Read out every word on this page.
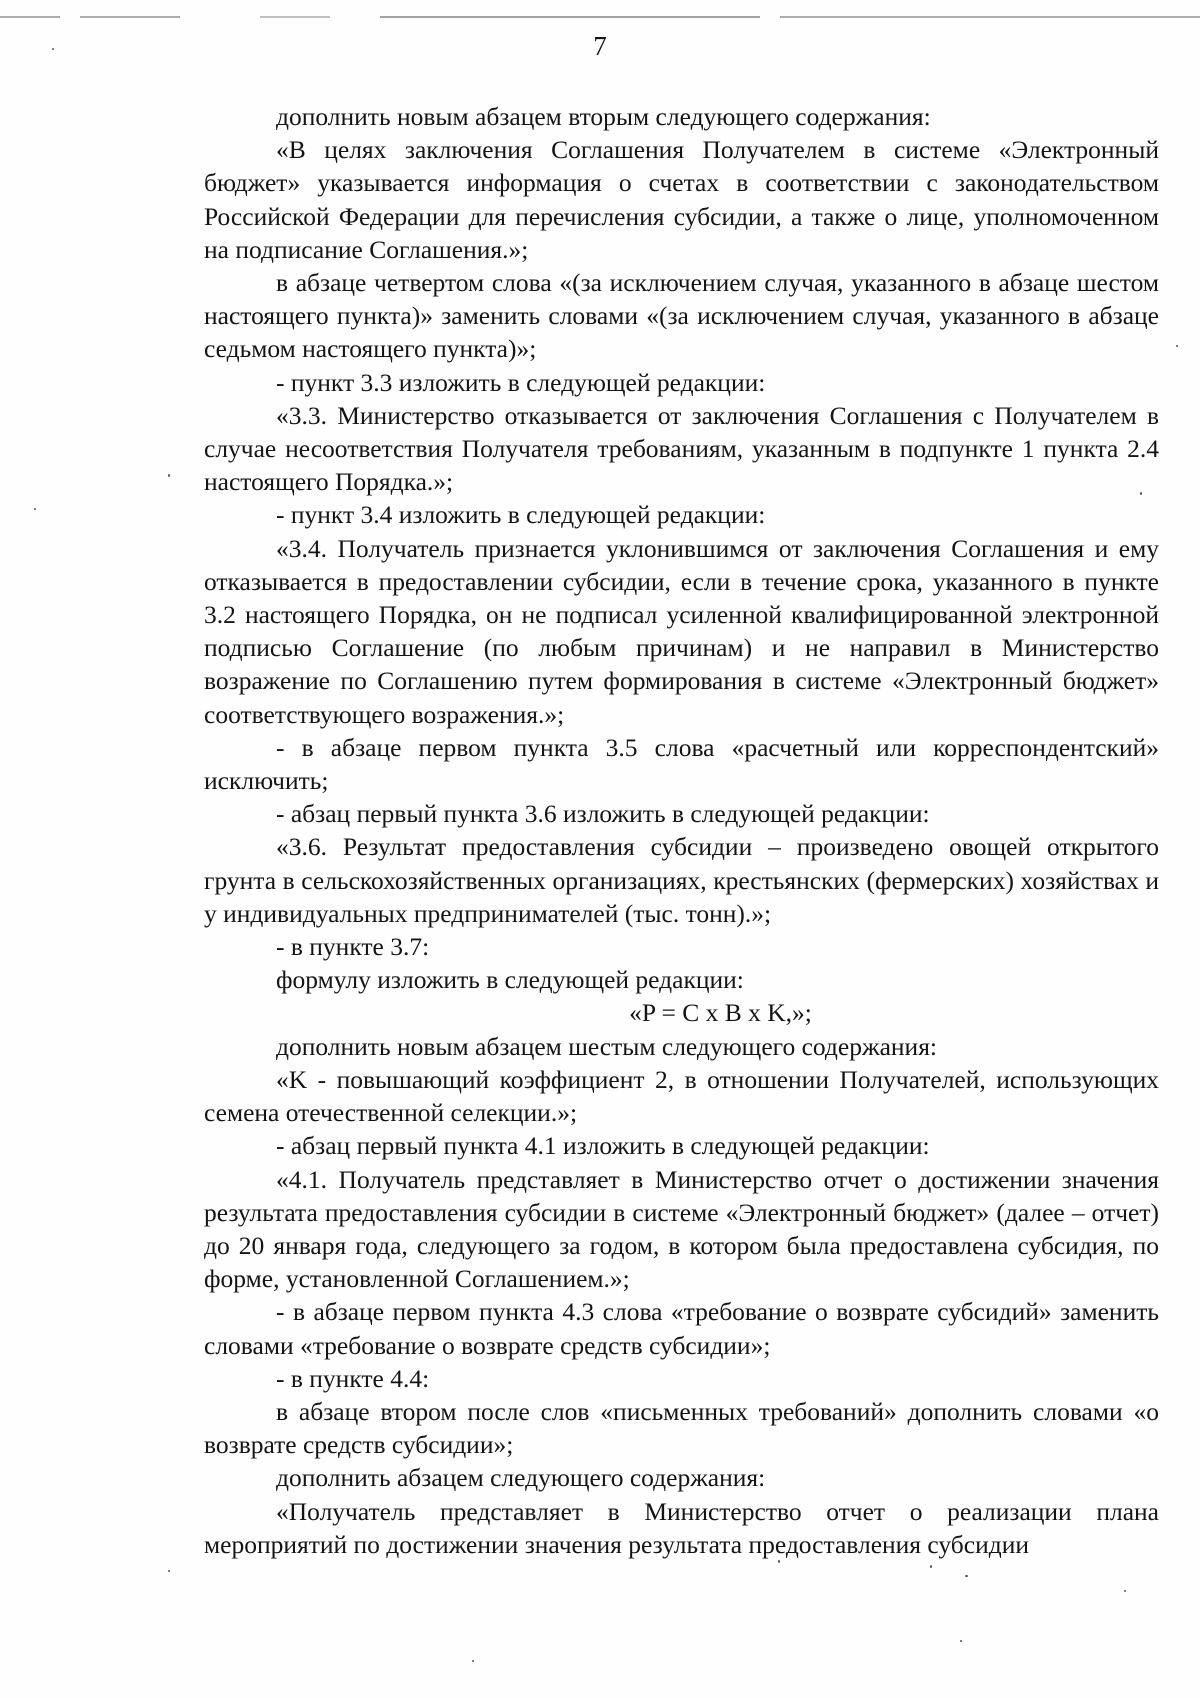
7

дополнить новым абзацем вторым следующего содержания:

«В целях заключения Соглашения Получателем в системе «Электронный бюджет» указывается информация о счетах в соответствии с законодательством Российской Федерации для перечисления субсидии, а также о лице, уполномоченном на подписание Соглашения.»;

в абзаце четвертом слова «(за исключением случая, указанного в абзаце шестом настоящего пункта)» заменить словами «(за исключением случая, указанного в абзаце седьмом настоящего пункта)»;

- пункт 3.3 изложить в следующей редакции:

«3.3. Министерство отказывается от заключения Соглашения с Получателем в случае несоответствия Получателя требованиям, указанным в подпункте 1 пункта 2.4 настоящего Порядка.»;

- пункт 3.4 изложить в следующей редакции:

«3.4. Получатель признается уклонившимся от заключения Соглашения и ему отказывается в предоставлении субсидии, если в течение срока, указанного в пункте 3.2 настоящего Порядка, он не подписал усиленной квалифицированной электронной подписью Соглашение (по любым причинам) и не направил в Министерство возражение по Соглашению путем формирования в системе «Электронный бюджет» соответствующего возражения.»;

- в абзаце первом пункта 3.5 слова «расчетный или корреспондентский» исключить;

- абзац первый пункта 3.6 изложить в следующей редакции:

«3.6. Результат предоставления субсидии – произведено овощей открытого грунта в сельскохозяйственных организациях, крестьянских (фермерских) хозяйствах и у индивидуальных предпринимателей (тыс. тонн).»;

- в пункте 3.7:

формулу изложить в следующей редакции:

«P = C x B x K,»;

дополнить новым абзацем шестым следующего содержания:

«K - повышающий коэффициент 2, в отношении Получателей, использующих семена отечественной селекции.»;

- абзац первый пункта 4.1 изложить в следующей редакции:

«4.1. Получатель представляет в Министерство отчет о достижении значения результата предоставления субсидии в системе «Электронный бюджет» (далее – отчет) до 20 января года, следующего за годом, в котором была предоставлена субсидия, по форме, установленной Соглашением.»;

- в абзаце первом пункта 4.3 слова «требование о возврате субсидий» заменить словами «требование о возврате средств субсидии»;

- в пункте 4.4:

в абзаце втором после слов «письменных требований» дополнить словами «о возврате средств субсидии»;

дополнить абзацем следующего содержания:

«Получатель представляет в Министерство отчет о реализации плана мероприятий по достижении значения результата предоставления субсидии
